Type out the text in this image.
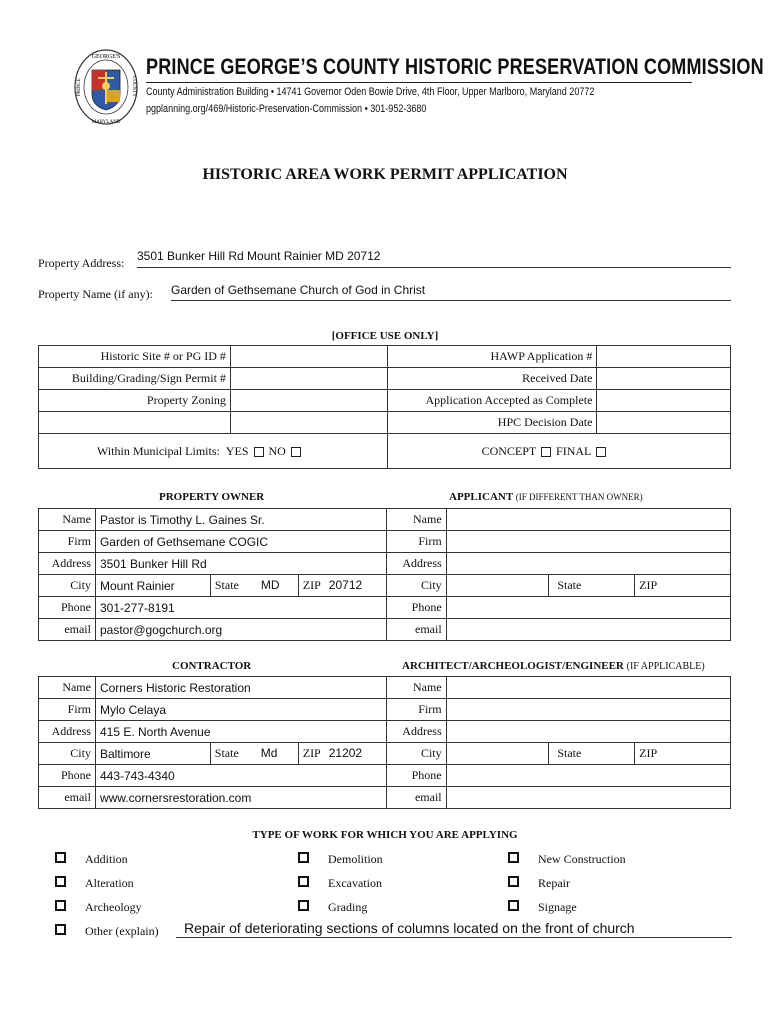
GEORGE'S
MARYLAND
PRINCE	COUNTY
PRINCE GEORGE’S COUNTY HISTORIC PRESERVATION COMMISSION
County Administration Building • 14741 Governor Oden Bowie Drive, 4th Floor, Upper Marlboro, Maryland 20772
pgplanning.org/469/Historic-Preservation-Commission • 301-952-3680
HISTORIC AREA WORK PERMIT APPLICATION
Property Address: 3501 Bunker Hill Rd Mount Rainier MD 20712
Property Name (if any): Garden of Gethsemane Church of God in Christ
[OFFICE USE ONLY]
Historic Site # or PG ID #		HAWP Application #	
Building/Grading/Sign Permit #		Received Date	
Property Zoning		Application Accepted as Complete	
		HPC Decision Date	
Within Municipal Limits: YES NO		CONCEPT FINAL	
PROPERTY OWNER	APPLICANT (IF DIFFERENT THAN OWNER)
Name	Pastor is Timothy L. Gaines Sr.			Name			
Firm	Garden of Gethsemane COGIC			Firm			
Address	3501 Bunker Hill Rd			Address			
City	Mount Rainier	State MD	ZIP 20712	City		State	ZIP
Phone	301-277-8191			Phone			
email	pastor@gogchurch.org			email			
CONTRACTOR	ARCHITECT/ARCHEOLOGIST/ENGINEER (IF APPLICABLE)
Name	Corners Historic Restoration			Name			
Firm	Mylo Celaya			Firm			
Address	415 E. North Avenue			Address			
City	Baltimore	State Md	ZIP 21202	City		State	ZIP
Phone	443-743-4340			Phone			
email	www.cornersrestoration.com			email			
TYPE OF WORK FOR WHICH YOU ARE APPLYING
Addition
Alteration
Archeology
Other (explain) Repair of deteriorating sections of columns located on the front of church
Demolition
Excavation
Grading
New Construction
Repair
Signage
